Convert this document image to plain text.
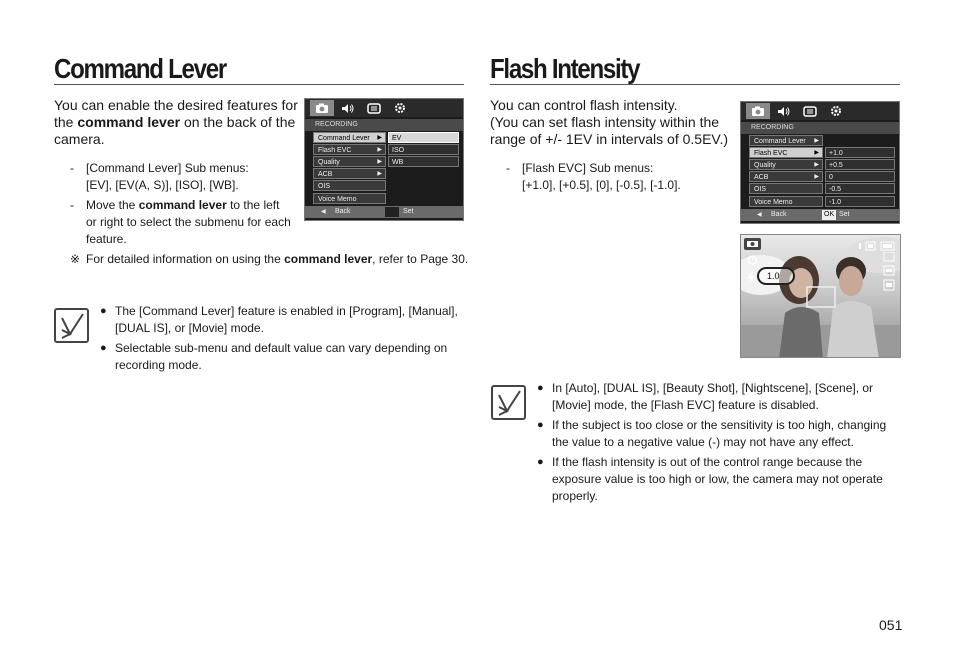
Command Lever
You can enable the desired features for
the command lever on the back of the
camera.
- [Command Lever] Sub menus:
[EV], [EV(A, S)], [ISO], [WB].
- Move the command lever to the left
or right to select the submenu for each
feature.
※ For detailed information on using the command lever, refer to Page 30.
RECORDING
Command Lever ▶
Flash EVC	▶
Quality	▶
ACB	▶
OIS
Voice Memo
EV
ISO
WB
◀ Back	Set
● The [Command Lever] feature is enabled in [Program], [Manual],
[DUAL IS], or [Movie] mode.
● Selectable sub-menu and default value can vary depending on
recording mode.
Flash Intensity
You can control flash intensity.
(You can set flash intensity within the
range of +/- 1EV in intervals of 0.5EV.)
- [Flash EVC] Sub menus:
[+1.0], [+0.5], [0], [-0.5], [-1.0].
RECORDING
Command Lever ▶
Flash EVC	▶
Quality	▶
ACB	▶
OIS
Voice Memo
+1.0
+0.5
0
-0.5
-1.0
◀ Back	OK Set
1.0
● In [Auto], [DUAL IS], [Beauty Shot], [Nightscene], [Scene], or
[Movie] mode, the [Flash EVC] feature is disabled.
● If the subject is too close or the sensitivity is too high, changing
the value to a negative value (-) may not have any effect.
● If the flash intensity is out of the control range because the
exposure value is too high or low, the camera may not operate
properly.
051
